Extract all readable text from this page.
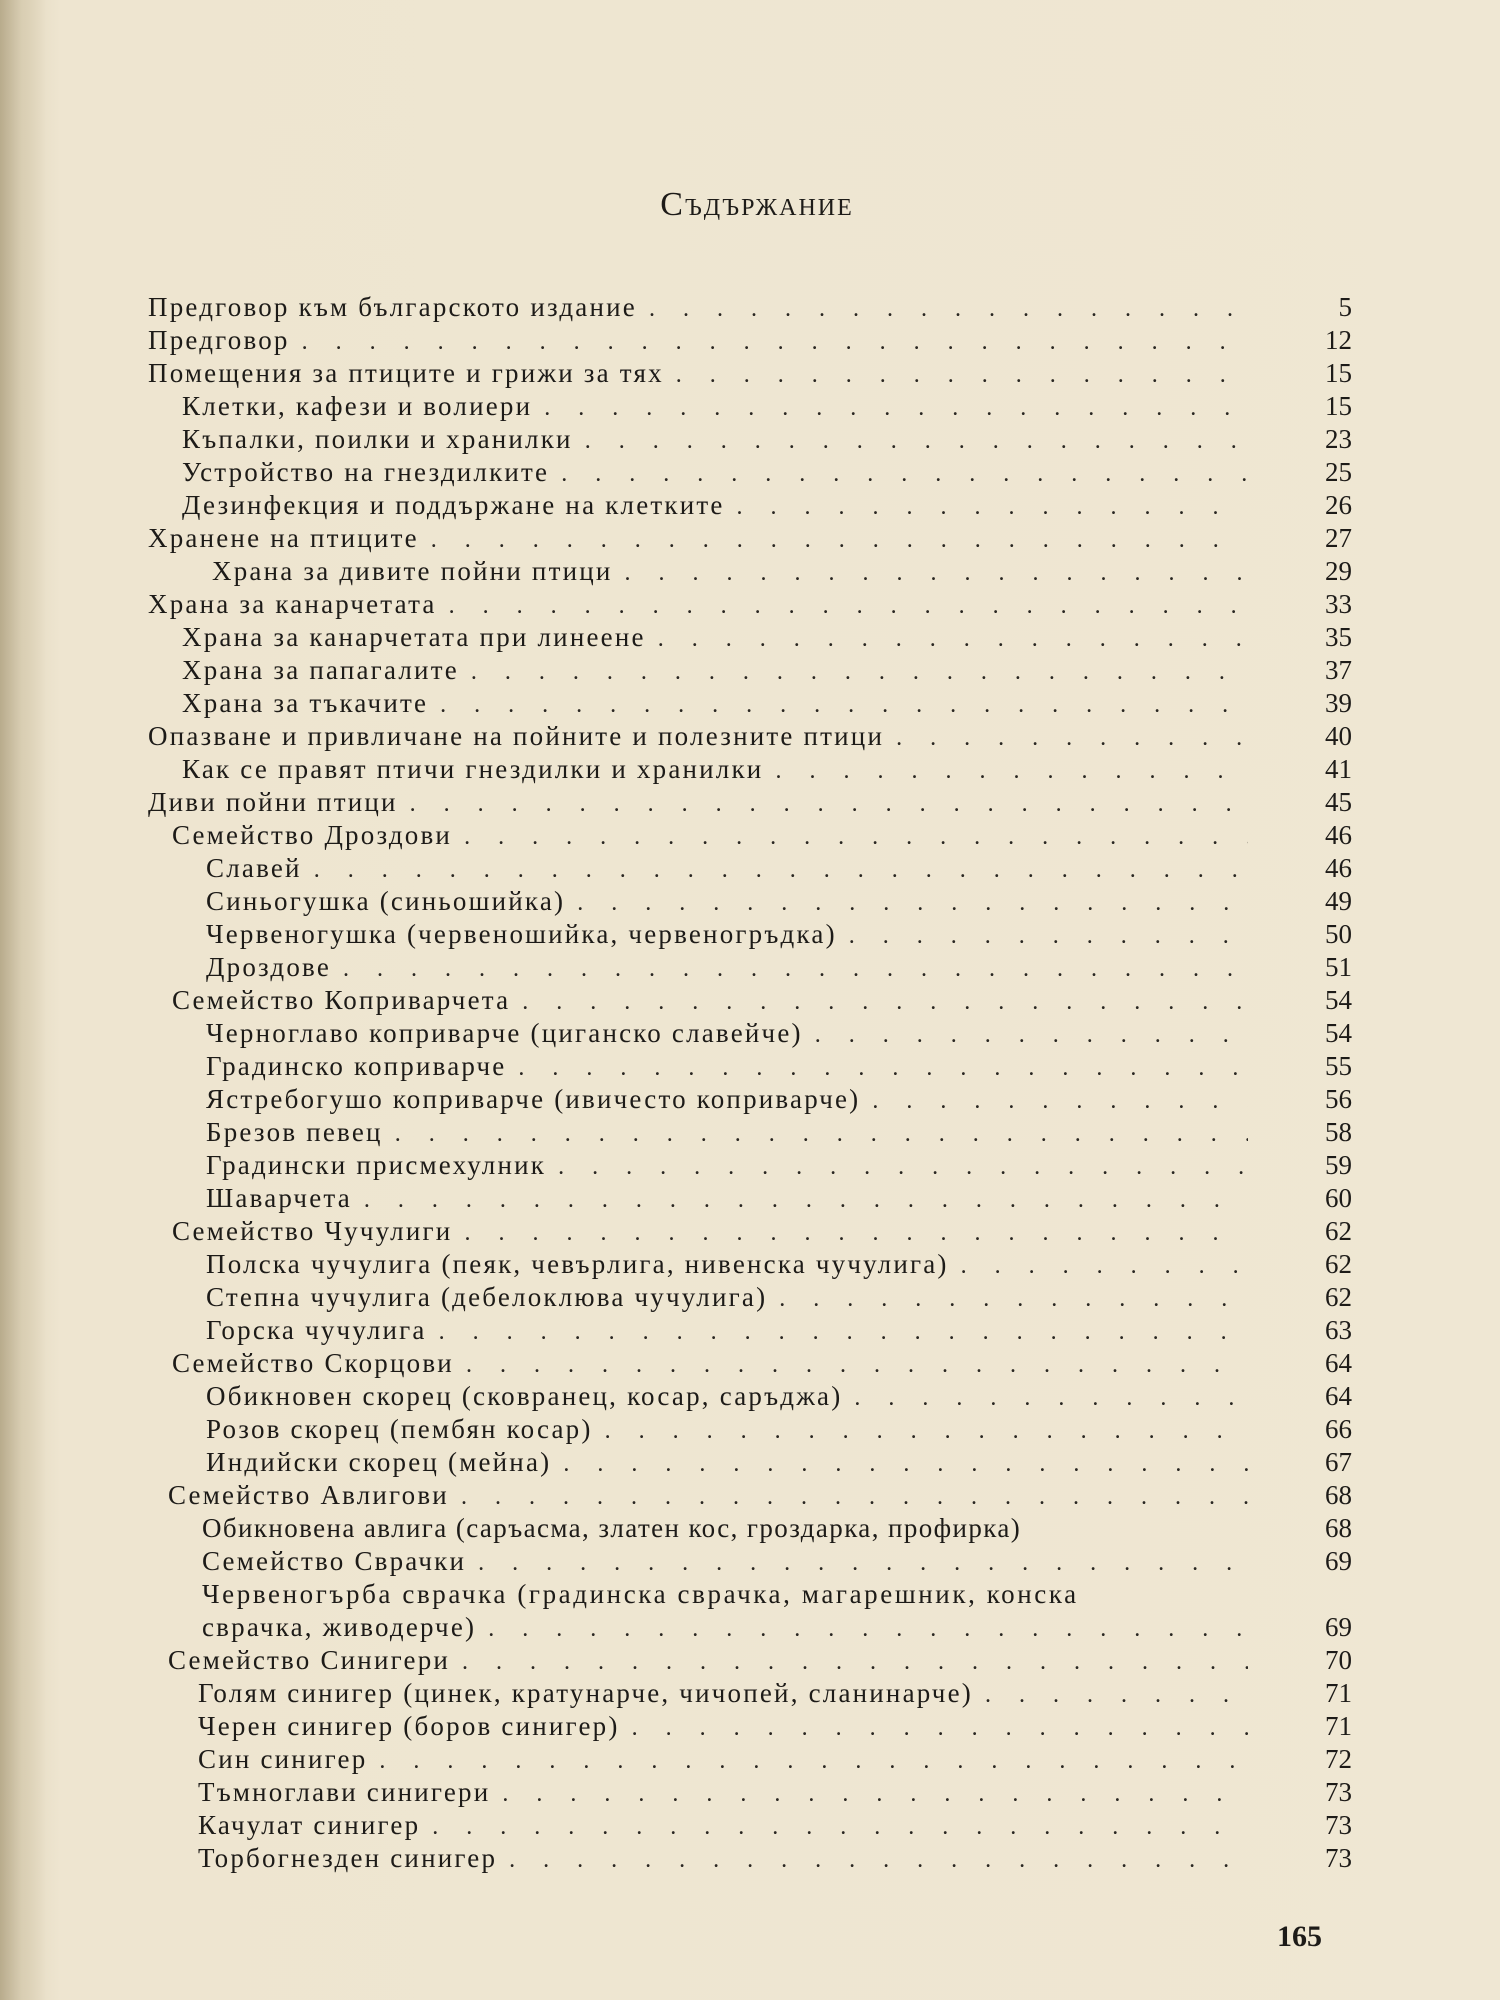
Съдържание
Предговор към българското издание . . .	5
Предговор . . .	12
Помещения за птиците и грижи за тях . . .	15
Клетки, кафези и волиери . . .	15
Къпалки, поилки и хранилки . . .	23
Устройство на гнездилките . . .	25
Дезинфекция и поддържане на клетките . . .	26
Хранене на птиците . . .	27
Храна за дивите пойни птици . . .	29
Храна за канарчетата . . .	33
Храна за канарчетата при линеене . . .	35
Храна за папагалите . . .	37
Храна за тъкачите . . .	39
Опазване и привличане на пойните и полезните птици . . .	40
Как се правят птичи гнездилки и хранилки . . .	41
Диви пойни птици . . .	45
Семейство Дроздови . . .	46
Славей . . .	46
Синьогушка (синьошийка) . . .	49
Червеногушка (червеношийка, червеногръдка) . . .	50
Дроздове . . .	51
Семейство Коприварчета . . .	54
Черноглаво коприварче (циганско славейче) . . .	54
Градинско коприварче . . .	55
Ястребогушо коприварче (ивичесто коприварче) . . .	56
Брезов певец . . .	58
Градински присмехулник . . .	59
Шаварчета . . .	60
Семейство Чучулиги . . .	62
Полска чучулига (пеяк, чевърлига, нивенска чучулига) . . .	62
Степна чучулига (дебелоклюва чучулига) . . .	62
Горска чучулига . . .	63
Семейство Скорцови . . .	64
Обикновен скорец (сковранец, косар, саръджа) . . .	64
Розов скорец (пембян косар) . . .	66
Индийски скорец (мейна) . . .	67
Семейство Авлигови . . .	68
Обикновена авлига (саръасма, златен кос, гроздарка, профирка)	68
Семейство Сврачки . . .	69
Червеногърба сврачка (градинска сврачка, магарешник, конска
сврачка, живодерче) . . .	69
Семейство Синигери . . .	70
Голям синигер (цинек, кратунарче, чичопей, сланинарче) . . .	71
Черен синигер (боров синигер) . . .	71
Син синигер . . .	72
Тъмноглави синигери . . .	73
Качулат синигер . . .	73
Торбогнезден синигер . . .	73
165
